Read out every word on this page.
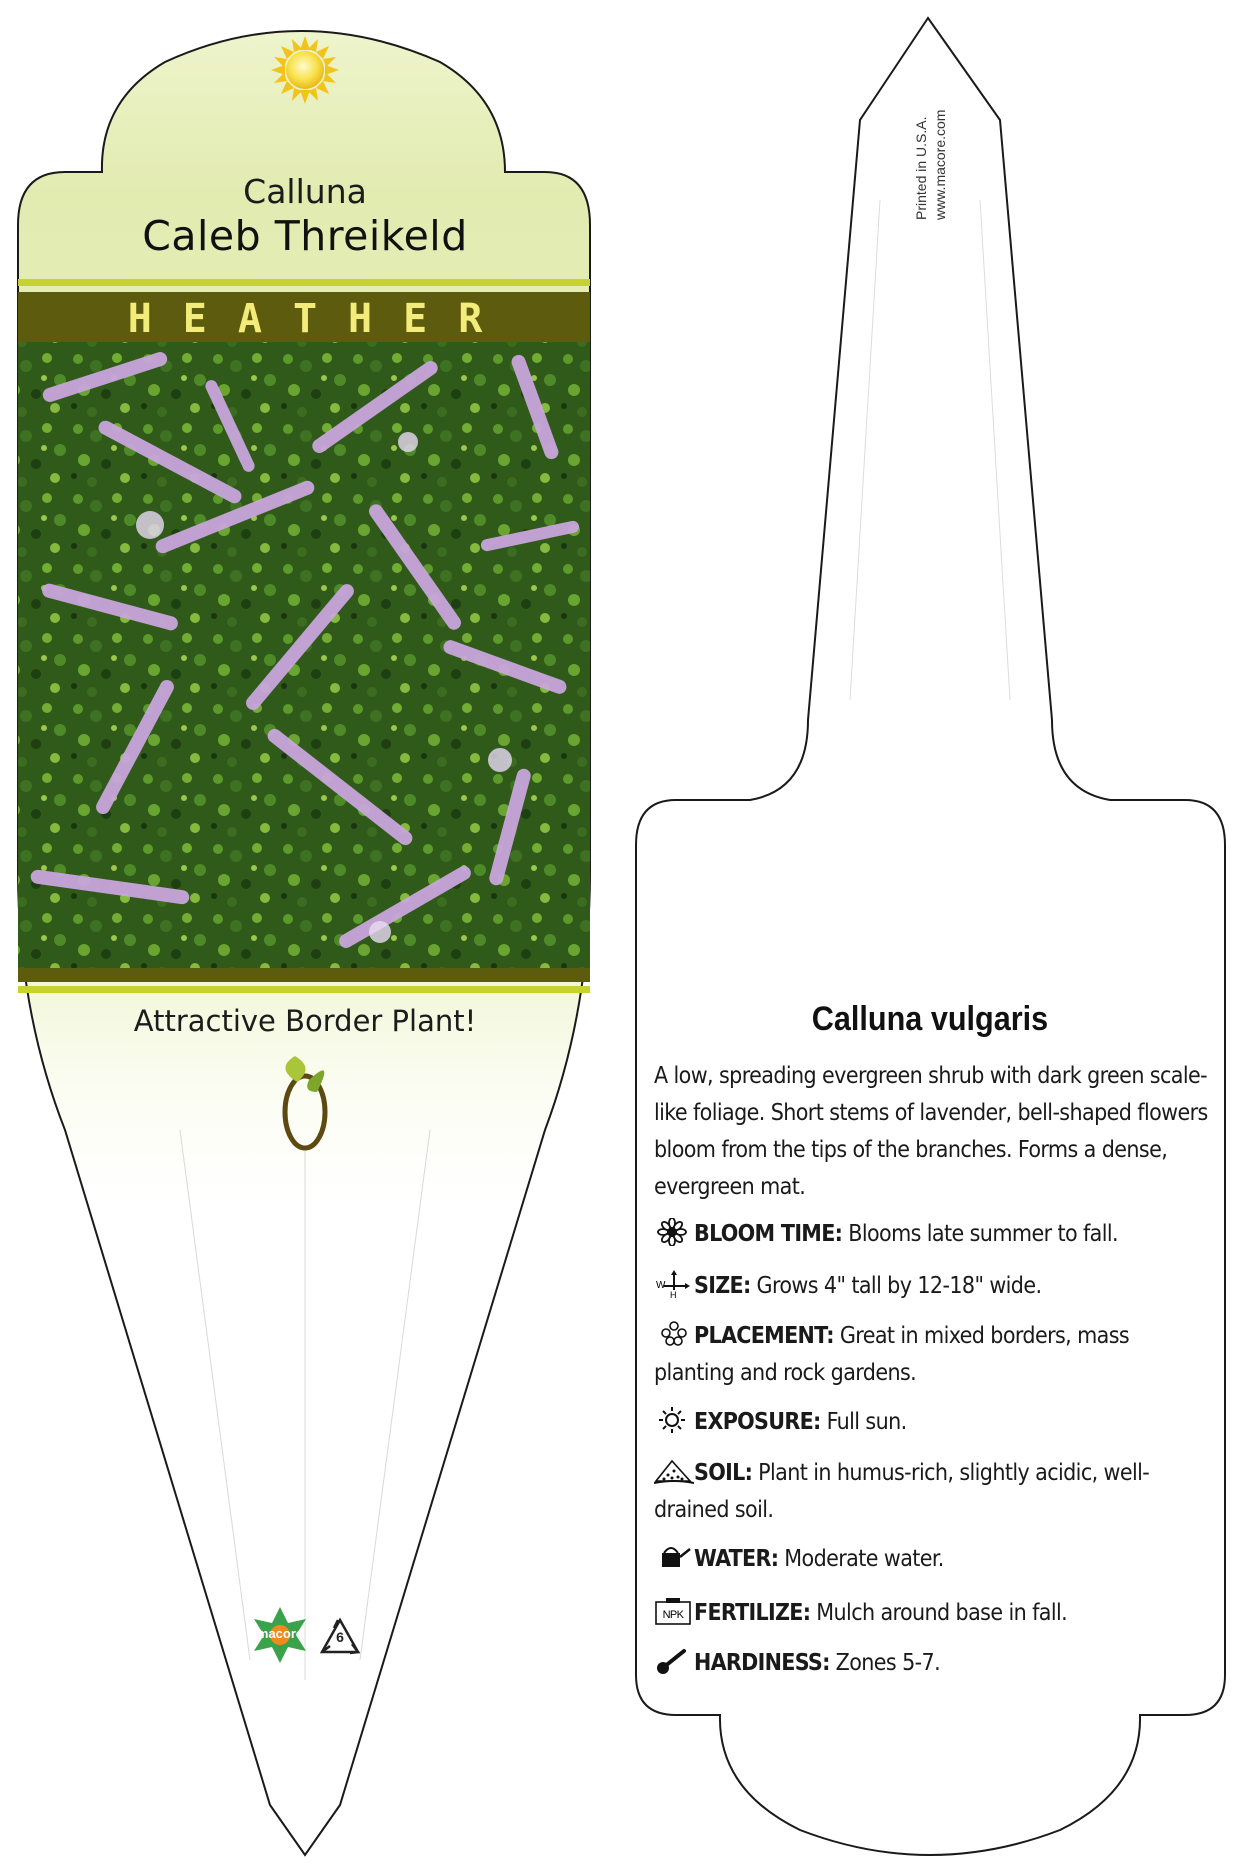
Calluna

Caleb Threikeld

HEATHER

Attractive Border Plant!

macore	6

Printed in U.S.A. www.macore.com

Calluna vulgaris

A low, spreading evergreen shrub with dark green scale-like foliage. Short stems of lavender, bell-shaped flowers bloom from the tips of the branches. Forms a dense, evergreen mat.

BLOOM TIME: Blooms late summer to fall.
W
H SIZE: Grows 4" tall by 12-18" wide.
PLACEMENT: Great in mixed borders, mass planting and rock gardens.
EXPOSURE: Full sun.
SOIL: Plant in humus-rich, slightly acidic, well-drained soil.
WATER: Moderate water.
NPK FERTILIZE: Mulch around base in fall.
HARDINESS: Zones 5-7.
